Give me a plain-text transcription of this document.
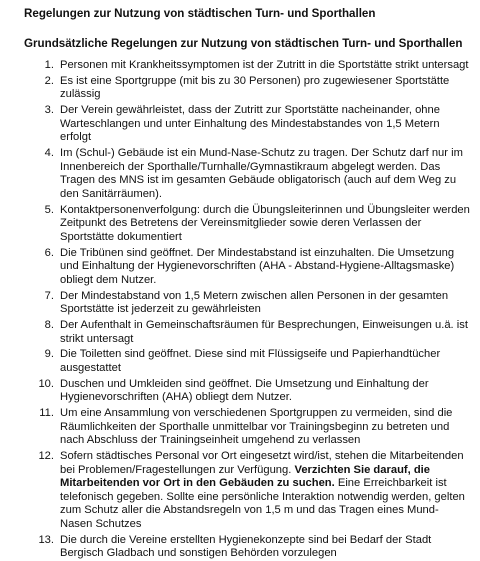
Regelungen zur Nutzung von städtischen Turn- und Sporthallen
Grundsätzliche Regelungen zur Nutzung von städtischen Turn- und Sporthallen
1. Personen mit Krankheitssymptomen ist der Zutritt in die Sportstätte strikt untersagt
2. Es ist eine Sportgruppe (mit bis zu 30 Personen) pro zugewiesener Sportstätte zulässig
3. Der Verein gewährleistet, dass der Zutritt zur Sportstätte nacheinander, ohne Warteschlangen und unter Einhaltung des Mindestabstandes von 1,5 Metern erfolgt
4. Im (Schul-) Gebäude ist ein Mund-Nase-Schutz zu tragen. Der Schutz darf nur im Innenbereich der Sporthalle/Turnhalle/Gymnastikraum abgelegt werden. Das Tragen des MNS ist im gesamten Gebäude obligatorisch (auch auf dem Weg zu den Sanitärräumen).
5. Kontaktpersonenverfolgung: durch die Übungsleiterinnen und Übungsleiter werden Zeitpunkt des Betretens der Vereinsmitglieder sowie deren Verlassen der Sportstätte dokumentiert
6. Die Tribünen sind geöffnet. Der Mindestabstand ist einzuhalten. Die Umsetzung und Einhaltung der Hygienevorschriften (AHA - Abstand-Hygiene-Alltagsmaske) obliegt dem Nutzer.
7. Der Mindestabstand von 1,5 Metern zwischen allen Personen in der gesamten Sportstätte ist jederzeit zu gewährleisten
8. Der Aufenthalt in Gemeinschaftsräumen für Besprechungen, Einweisungen u.ä. ist strikt untersagt
9. Die Toiletten sind geöffnet. Diese sind mit Flüssigseife und Papierhandtücher ausgestattet
10. Duschen und Umkleiden sind geöffnet. Die Umsetzung und Einhaltung der Hygienevorschriften (AHA) obliegt dem Nutzer.
11. Um eine Ansammlung von verschiedenen Sportgruppen zu vermeiden, sind die Räumlichkeiten der Sporthalle unmittelbar vor Trainingsbeginn zu betreten und nach Abschluss der Trainingseinheit umgehend zu verlassen
12. Sofern städtisches Personal vor Ort eingesetzt wird/ist, stehen die Mitarbeitenden bei Problemen/Fragestellungen zur Verfügung. Verzichten Sie darauf, die Mitarbeitenden vor Ort in den Gebäuden zu suchen. Eine Erreichbarkeit ist telefonisch gegeben. Sollte eine persönliche Interaktion notwendig werden, gelten zum Schutz aller die Abstandsregeln von 1,5 m und das Tragen eines Mund-Nasen Schutzes
13. Die durch die Vereine erstellten Hygienekonzepte sind bei Bedarf der Stadt Bergisch Gladbach und sonstigen Behörden vorzulegen
